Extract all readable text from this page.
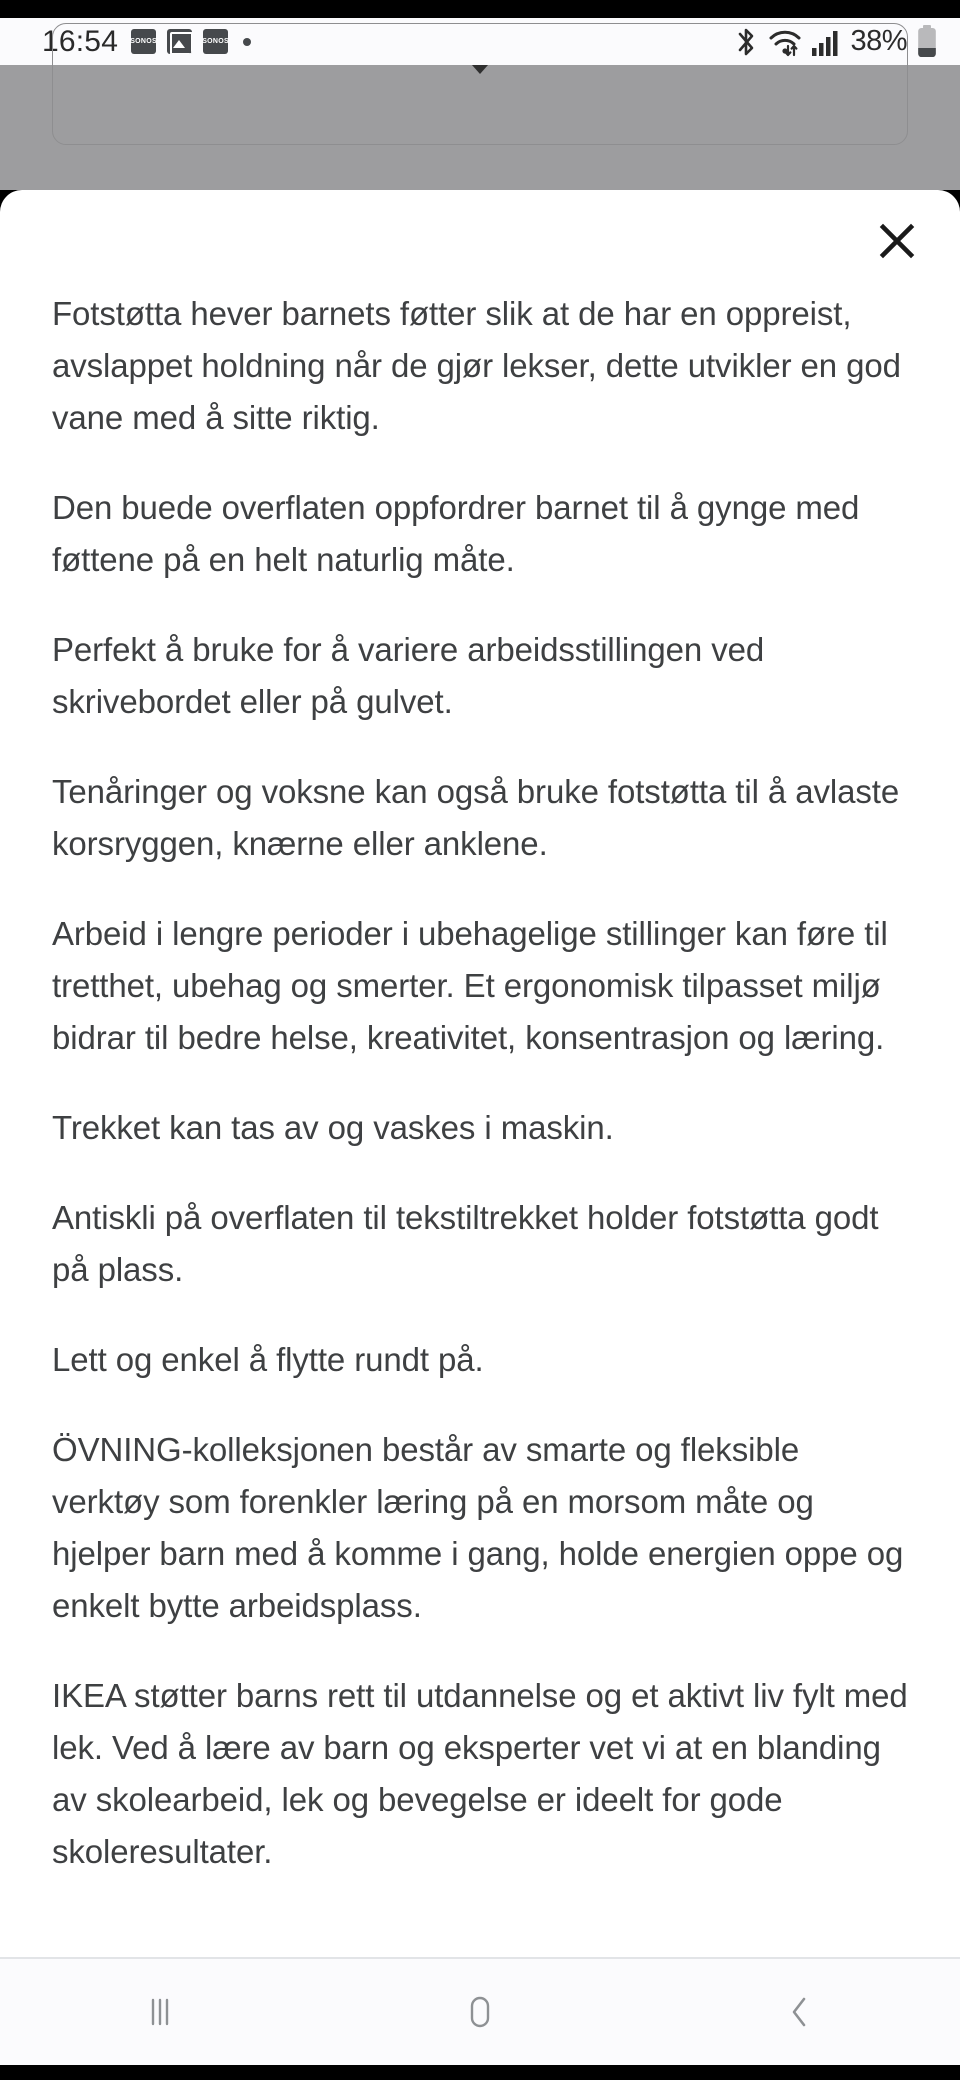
16:54 SONOS	SONOS	38%

Fotstøtta hever barnets føtter slik at de har en oppreist, avslappet holdning når de gjør lekser, dette utvikler en god vane med å sitte riktig.

Den buede overflaten oppfordrer barnet til å gynge med føttene på en helt naturlig måte.

Perfekt å bruke for å variere arbeidsstillingen ved skrivebordet eller på gulvet.

Tenåringer og voksne kan også bruke fotstøtta til å avlaste korsryggen, knærne eller anklene.

Arbeid i lengre perioder i ubehagelige stillinger kan føre til tretthet, ubehag og smerter. Et ergonomisk tilpasset miljø bidrar til bedre helse, kreativitet, konsentrasjon og læring.

Trekket kan tas av og vaskes i maskin.

Antiskli på overflaten til tekstiltrekket holder fotstøtta godt på plass.

Lett og enkel å flytte rundt på.

ÖVNING-kolleksjonen består av smarte og fleksible verktøy som forenkler læring på en morsom måte og hjelper barn med å komme i gang, holde energien oppe og enkelt bytte arbeidsplass.

IKEA støtter barns rett til utdannelse og et aktivt liv fylt med lek. Ved å lære av barn og eksperter vet vi at en blanding av skolearbeid, lek og bevegelse er ideelt for gode skoleresultater.
